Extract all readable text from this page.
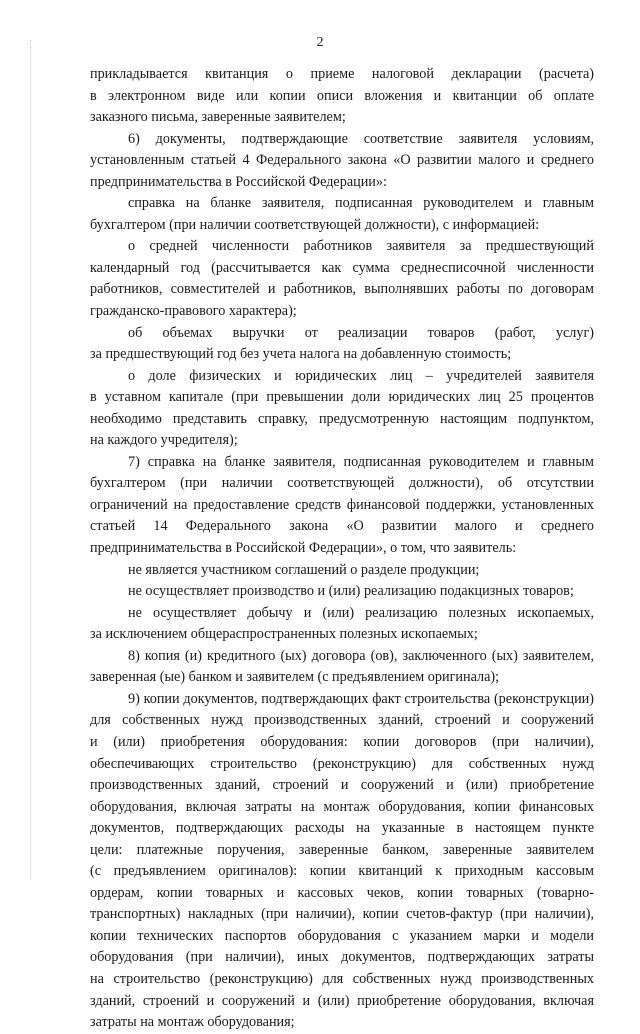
2
прикладывается квитанция о приеме налоговой декларации (расчета)
в электронном виде или копии описи вложения и квитанции об оплате
заказного письма, заверенные заявителем;
6) документы, подтверждающие соответствие заявителя условиям,
установленным статьей 4 Федерального закона «О развитии малого и среднего
предпринимательства в Российской Федерации»:
справка на бланке заявителя, подписанная руководителем и главным
бухгалтером (при наличии соответствующей должности), с информацией:
о средней численности работников заявителя за предшествующий
календарный год (рассчитывается как сумма среднесписочной численности
работников, совместителей и работников, выполнявших работы по договорам
гражданско-правового характера);
об объемах выручки от реализации товаров (работ, услуг)
за предшествующий год без учета налога на добавленную стоимость;
о доле физических и юридических лиц – учредителей заявителя
в уставном капитале (при превышении доли юридических лиц 25 процентов
необходимо представить справку, предусмотренную настоящим подпунктом,
на каждого учредителя);
7) справка на бланке заявителя, подписанная руководителем и главным
бухгалтером (при наличии соответствующей должности), об отсутствии
ограничений на предоставление средств финансовой поддержки, установленных
статьей 14 Федерального закона «О развитии малого и среднего
предпринимательства в Российской Федерации», о том, что заявитель:
не является участником соглашений о разделе продукции;
не осуществляет производство и (или) реализацию подакцизных товаров;
не осуществляет добычу и (или) реализацию полезных ископаемых,
за исключением общераспространенных полезных ископаемых;
8) копия (и) кредитного (ых) договора (ов), заключенного (ых) заявителем,
заверенная (ые) банком и заявителем (с предъявлением оригинала);
9) копии документов, подтверждающих факт строительства (реконструкции)
для собственных нужд производственных зданий, строений и сооружений
и (или) приобретения оборудования: копии договоров (при наличии),
обеспечивающих строительство (реконструкцию) для собственных нужд
производственных зданий, строений и сооружений и (или) приобретение
оборудования, включая затраты на монтаж оборудования, копии финансовых
документов, подтверждающих расходы на указанные в настоящем пункте
цели: платежные поручения, заверенные банком, заверенные заявителем
(с предъявлением оригиналов): копии квитанций к приходным кассовым
ордерам, копии товарных и кассовых чеков, копии товарных (товарно-
транспортных) накладных (при наличии), копии счетов-фактур (при наличии),
копии технических паспортов оборудования с указанием марки и модели
оборудования (при наличии), иных документов, подтверждающих затраты
на строительство (реконструкцию) для собственных нужд производственных
зданий, строений и сооружений и (или) приобретение оборудования, включая
затраты на монтаж оборудования;
